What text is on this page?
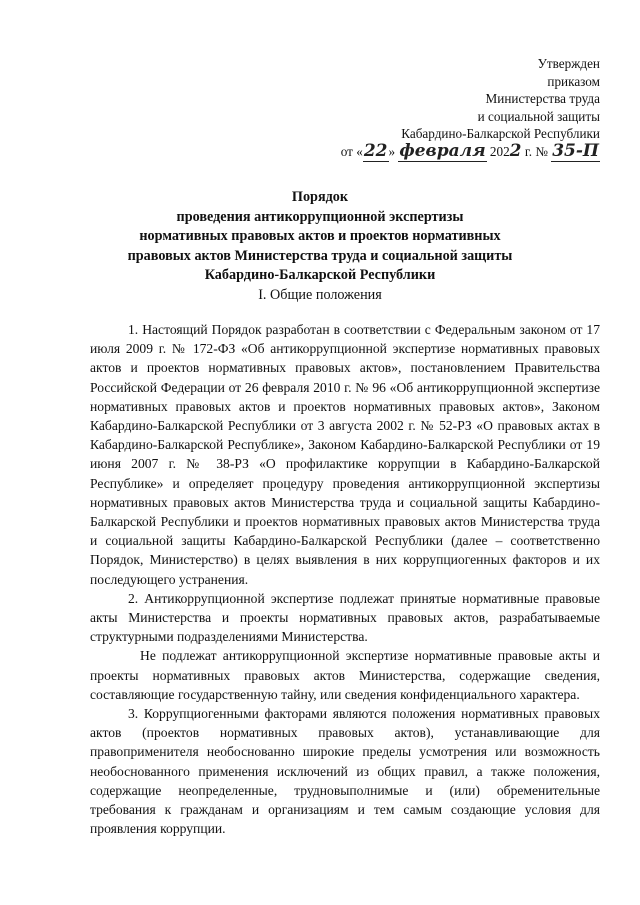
Утвержден
приказом
Министерства труда
и социальной защиты
Кабардино-Балкарской Республики
от «22» февраля 2022 г. № 35-П
Порядок
проведения антикоррупционной экспертизы
нормативных правовых актов и проектов нормативных
правовых актов Министерства труда и социальной защиты
Кабардино-Балкарской Республики
I. Общие положения

1. Настоящий Порядок разработан в соответствии с Федеральным законом от 17 июля 2009 г. № 172-ФЗ «Об антикоррупционной экспертизе нормативных правовых актов и проектов нормативных правовых актов», постановлением Правительства Российской Федерации от 26 февраля 2010 г. № 96 «Об антикоррупционной экспертизе нормативных правовых актов и проектов нормативных правовых актов», Законом Кабардино-Балкарской Республики от 3 августа 2002 г. № 52-РЗ «О правовых актах в Кабардино-Балкарской Республике», Законом Кабардино-Балкарской Республики от 19 июня 2007 г. № 38-РЗ «О профилактике коррупции в Кабардино-Балкарской Республике» и определяет процедуру проведения антикоррупционной экспертизы нормативных правовых актов Министерства труда и социальной защиты Кабардино-Балкарской Республики и проектов нормативных правовых актов Министерства труда и социальной защиты Кабардино-Балкарской Республики (далее – соответственно Порядок, Министерство) в целях выявления в них коррупциогенных факторов и их последующего устранения.

2. Антикоррупционной экспертизе подлежат принятые нормативные правовые акты Министерства и проекты нормативных правовых актов, разрабатываемые структурными подразделениями Министерства.

Не подлежат антикоррупционной экспертизе нормативные правовые акты и проекты нормативных правовых актов Министерства, содержащие сведения, составляющие государственную тайну, или сведения конфиденциального характера.

3. Коррупциогенными факторами являются положения нормативных правовых актов (проектов нормативных правовых актов), устанавливающие для правоприменителя необоснованно широкие пределы усмотрения или возможность необоснованного применения исключений из общих правил, а также положения, содержащие неопределенные, трудновыполнимые и (или) обременительные требования к гражданам и организациям и тем самым создающие условия для проявления коррупции.
